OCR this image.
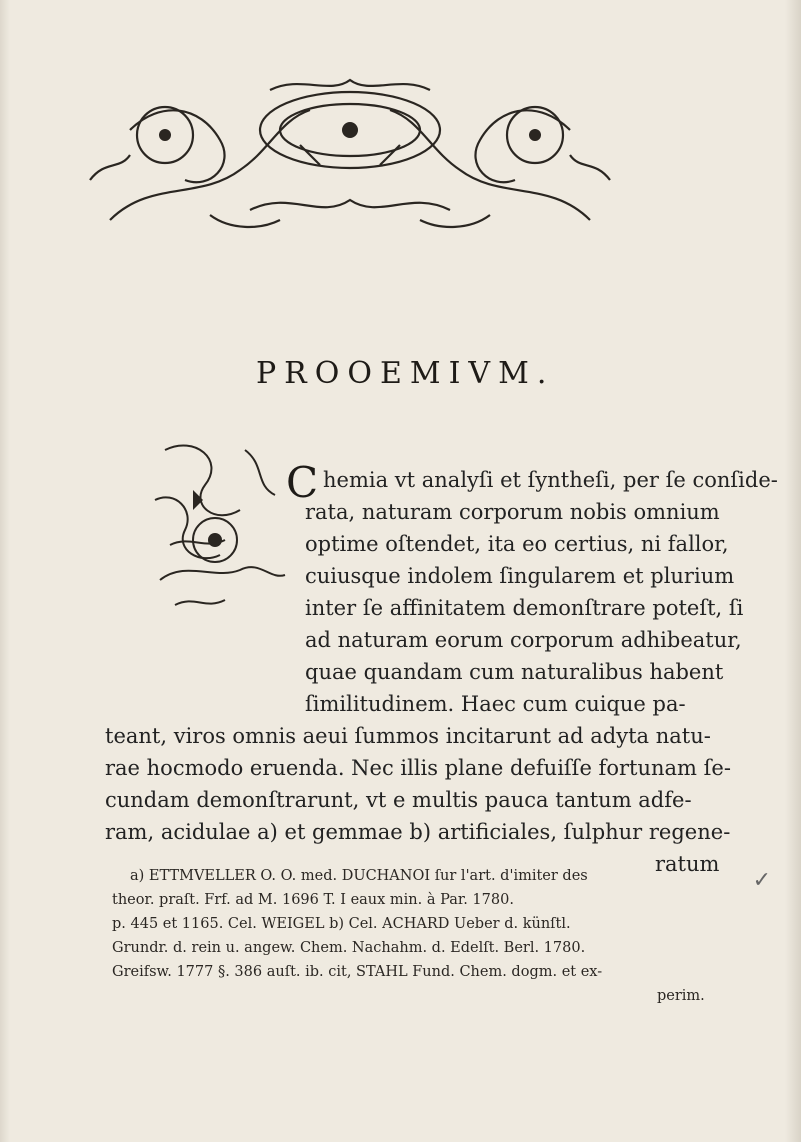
PROOEMIVM.
C hemia vt analyſi et ſyntheſi, per ſe conſide-
rata, naturam corporum nobis omnium
optime oſtendet, ita eo certius, ni fallor,
cuiusque indolem ſingularem et plurium
inter ſe affinitatem demonſtrare poteſt, ſi
ad naturam eorum corporum adhibeatur,
quae quandam cum naturalibus habent
ſimilitudinem. Haec cum cuique pa-
teant, viros omnis aeui ſummos incitarunt ad adyta natu-
rae hocmodo eruenda. Nec illis plane defuiſſe fortunam ſe-
cundam demonſtrarunt, vt e multis pauca tantum adfe-
ram, acidulae a) et gemmae b) artificiales, ſulphur regene-
ratum
a) ETTMVELLER O. O. med. DUCHANOI ſur l'art. d'imiter des
theor. praſt. Frf. ad M. 1696 T. I eaux min. à Par. 1780.
p. 445 et 1165. Cel. WEIGEL b) Cel. ACHARD Ueber d. künſtl.
Grundr. d. rein u. angew. Chem. Nachahm. d. Edelſt. Berl. 1780.
Greifsw. 1777 §. 386 auſt. ib. cit, STAHL Fund. Chem. dogm. et ex-
perim.
✓
